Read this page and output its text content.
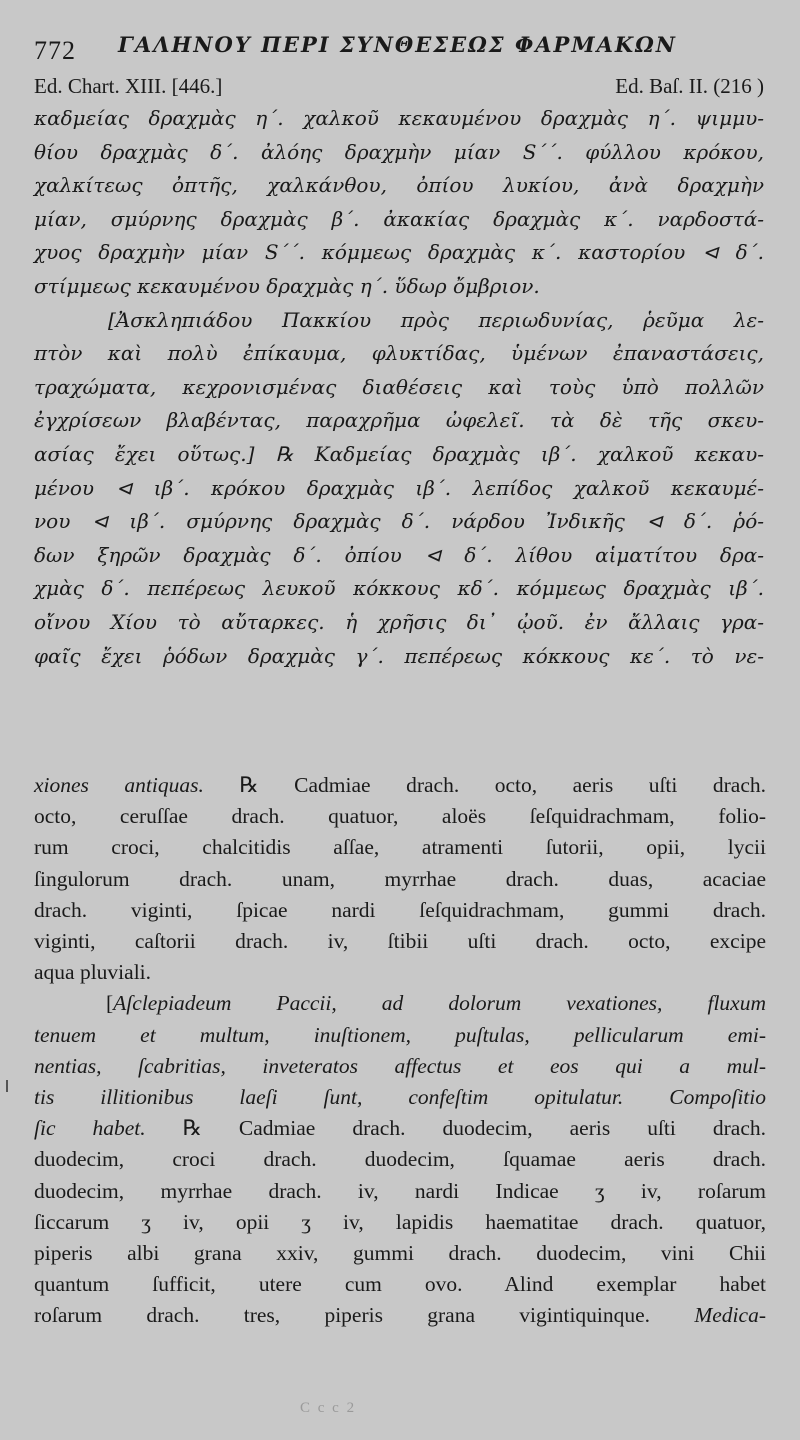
772 ΓΑΛΗΝΟΥ ΠΕΡΙ ΣΥΝΘΕΣΕΩΣ ΦΑΡΜΑΚΩΝ
Ed. Chart. XIII. [446.]	Ed. Baſ. II. (216 )
καδμείας δραχμὰς η΄. χαλκοῦ κεκαυμένου δραχμὰς η΄. ψιμμυ-
θίου δραχμὰς δ΄. ἀλόης δραχμὴν μίαν S΄΄. φύλλου κρόκου,
χαλκίτεως ὀπτῆς, χαλκάνθου, ὀπίου λυκίου, ἀνὰ δραχμὴν
μίαν, σμύρνης δραχμὰς β΄. ἀκακίας δραχμὰς κ΄. ναρδοστά-
χυος δραχμὴν μίαν S΄΄. κόμμεως δραχμὰς κ΄. καστορίου ⊲ δ΄.
στίμμεως κεκαυμένου δραχμὰς η΄. ὕδωρ ὄμβριον.
[Ἀσκληπιάδου Πακκίου πρὸς περιωδυνίας, ῥεῦμα λε-
πτὸν καὶ πολὺ ἐπίκαυμα, φλυκτίδας, ὑμένων ἐπαναστάσεις,
τραχώματα, κεχρονισμένας διαθέσεις καὶ τοὺς ὑπὸ πολλῶν
ἐγχρίσεων βλαβέντας, παραχρῆμα ὠφελεῖ. τὰ δὲ τῆς σκευ-
ασίας ἔχει οὕτως.] ℞ Καδμείας δραχμὰς ιβ΄. χαλκοῦ κεκαυ-
μένου ⊲ ιβ΄. κρόκου δραχμὰς ιβ΄. λεπίδος χαλκοῦ κεκαυμέ-
νου ⊲ ιβ΄. σμύρνης δραχμὰς δ΄. νάρδου Ἰνδικῆς ⊲ δ΄. ῥό-
δων ξηρῶν δραχμὰς δ΄. ὀπίου ⊲ δ΄. λίθου αἱματίτου δρα-
χμὰς δ΄. πεπέρεως λευκοῦ κόκκους κδ΄. κόμμεως δραχμὰς ιβ΄.
οἴνου Χίου τὸ αὔταρκες. ἡ χρῆσις δι᾽ ᾠοῦ. ἐν ἄλλαις γρα-
φαῖς ἔχει ῥόδων δραχμὰς γ΄. πεπέρεως κόκκους κε΄. τὸ νε-
xiones antiquas. ℞ Cadmiae drach. octo, aeris uſti drach.
octo, ceruſſae drach. quatuor, aloës ſeſquidrachmam, folio-
rum croci, chalcitidis aſſae, atramenti ſutorii, opii, lycii
ſingulorum drach. unam, myrrhae drach. duas, acaciae
drach. viginti, ſpicae nardi ſeſquidrachmam, gummi drach.
viginti, caſtorii drach. iv, ſtibii uſti drach. octo, excipe
aqua pluviali.
[Aſclepiadeum Paccii, ad dolorum vexationes, fluxum
tenuem et multum, inuſtionem, puſtulas, pellicularum emi-
nentias, ſcabritias, inveteratos affectus et eos qui a mul-
tis illitionibus laeſi ſunt, confeſtim opitulatur. Compoſitio
ſic habet. ℞ Cadmiae drach. duodecim, aeris uſti drach.
duodecim, croci drach. duodecim, ſquamae aeris drach.
duodecim, myrrhae drach. iv, nardi Indicae ʒ iv, roſarum
ſiccarum ʒ iv, opii ʒ iv, lapidis haematitae drach. quatuor,
piperis albi grana xxiv, gummi drach. duodecim, vini Chii
quantum ſufficit, utere cum ovo. Alind exemplar habet
roſarum drach. tres, piperis grana vigintiquinque. Medica-
C c c 2
